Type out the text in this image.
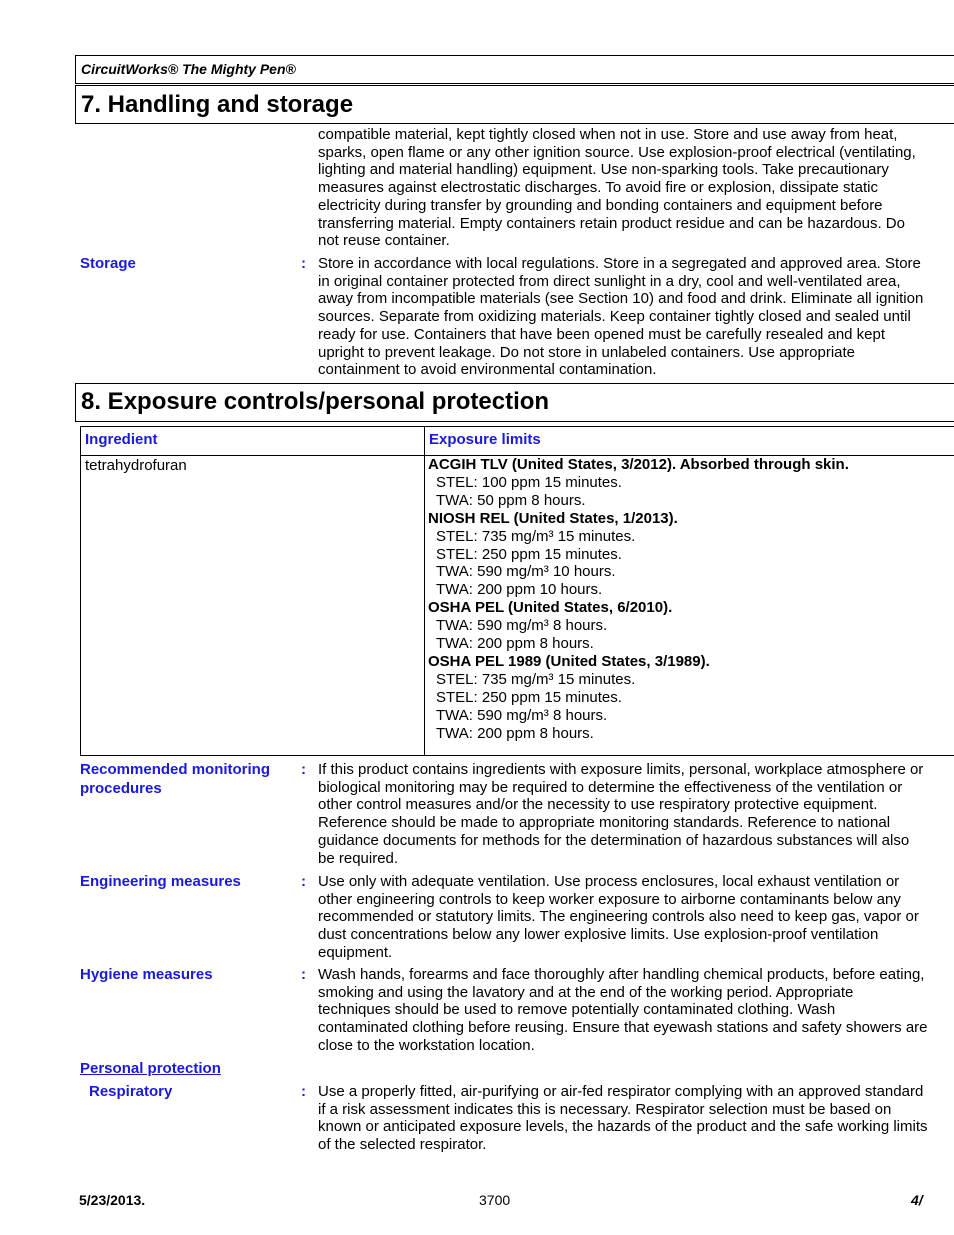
CircuitWorks® The Mighty Pen®
7. Handling and storage
compatible material, kept tightly closed when not in use. Store and use away from heat, sparks, open flame or any other ignition source. Use explosion-proof electrical (ventilating, lighting and material handling) equipment. Use non-sparking tools. Take precautionary measures against electrostatic discharges. To avoid fire or explosion, dissipate static electricity during transfer by grounding and bonding containers and equipment before transferring material. Empty containers retain product residue and can be hazardous. Do not reuse container.
Storage	: Store in accordance with local regulations. Store in a segregated and approved area. Store in original container protected from direct sunlight in a dry, cool and well-ventilated area, away from incompatible materials (see Section 10) and food and drink. Eliminate all ignition sources. Separate from oxidizing materials. Keep container tightly closed and sealed until ready for use. Containers that have been opened must be carefully resealed and kept upright to prevent leakage. Do not store in unlabeled containers. Use appropriate containment to avoid environmental contamination.
8. Exposure controls/personal protection
Ingredient	Exposure limits
tetrahydrofuran	ACGIH TLV (United States, 3/2012). Absorbed through skin.
STEL: 100 ppm 15 minutes.
TWA: 50 ppm 8 hours.
NIOSH REL (United States, 1/2013).
STEL: 735 mg/m³ 15 minutes.
STEL: 250 ppm 15 minutes.
TWA: 590 mg/m³ 10 hours.
TWA: 200 ppm 10 hours.
OSHA PEL (United States, 6/2010).
TWA: 590 mg/m³ 8 hours.
TWA: 200 ppm 8 hours.
OSHA PEL 1989 (United States, 3/1989).
STEL: 735 mg/m³ 15 minutes.
STEL: 250 ppm 15 minutes.
TWA: 590 mg/m³ 8 hours.
TWA: 200 ppm 8 hours.
Recommended monitoring procedures
: If this product contains ingredients with exposure limits, personal, workplace atmosphere or biological monitoring may be required to determine the effectiveness of the ventilation or other control measures and/or the necessity to use respiratory protective equipment. Reference should be made to appropriate monitoring standards. Reference to national guidance documents for methods for the determination of hazardous substances will also be required.
Engineering measures	: Use only with adequate ventilation. Use process enclosures, local exhaust ventilation or other engineering controls to keep worker exposure to airborne contaminants below any recommended or statutory limits. The engineering controls also need to keep gas, vapor or dust concentrations below any lower explosive limits. Use explosion-proof ventilation equipment.
Hygiene measures	: Wash hands, forearms and face thoroughly after handling chemical products, before eating, smoking and using the lavatory and at the end of the working period. Appropriate techniques should be used to remove potentially contaminated clothing. Wash contaminated clothing before reusing. Ensure that eyewash stations and safety showers are close to the workstation location.
Personal protection
Respiratory	: Use a properly fitted, air-purifying or air-fed respirator complying with an approved standard if a risk assessment indicates this is necessary. Respirator selection must be based on known or anticipated exposure levels, the hazards of the product and the safe working limits of the selected respirator.
5/23/2013.	3700	4/
